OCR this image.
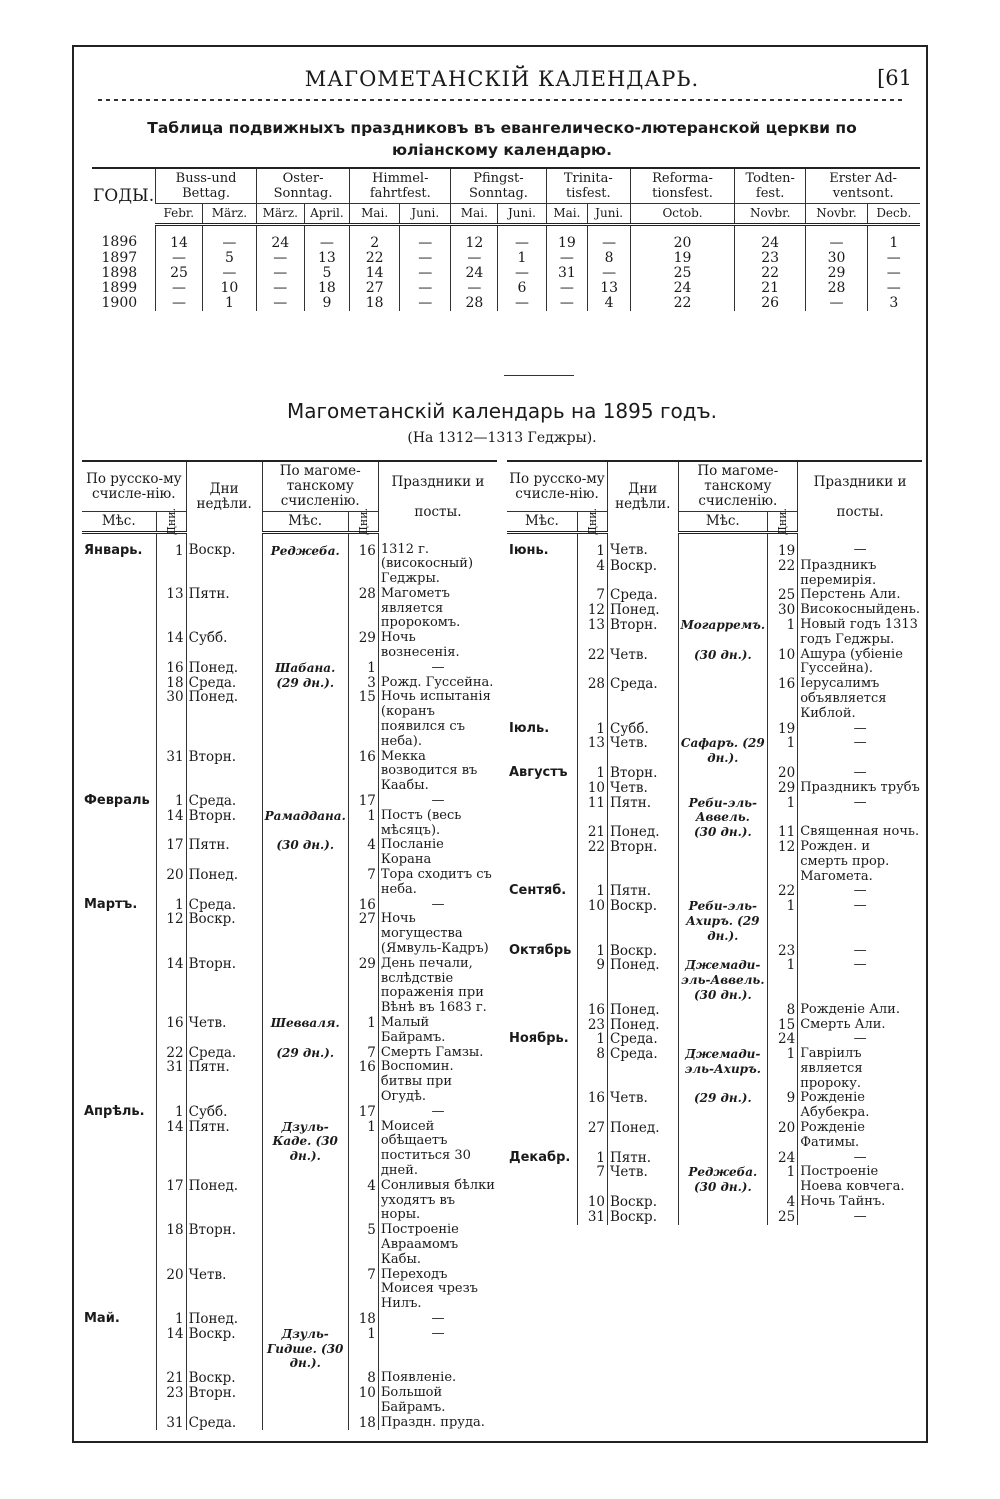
МАГОМЕТАНСКІЙ КАЛЕНДАРЬ.	[61
Таблица подвижныхъ праздниковъ въ евангелическо-лютеранской церкви по юліанскому календарю.
ГОДЫ.	Buss-und Bettag.		Oster-Sonntag.		Himmel-fahrtfest.		Pfingst-Sonntag.		Trinita-tisfest.		Reforma-tionsfest.	Todten-fest.	Erster Ad-ventsont.	
	Febr.	März.	März.	April.	Mai.	Juni.	Mai.	Juni.	Mai.	Juni.	Octob.	Novbr.	Novbr.	Decb.
1896	14	—	24	—	2	—	12	—	19	—	20	24	—	1
1897	—	5	—	13	22	—	—	1	—	8	19	23	30	—
1898	25	—	—	5	14	—	24	—	31	—	25	22	29	—
1899	—	10	—	18	27	—	—	6	—	13	24	21	28	—
1900	—	1	—	9	18	—	28	—	—	4	22	26	—	3
Магометанскій календарь на 1895 годъ.
(На 1312—1313 Геджры).
По русско-му счисле-нію.		Дни
недѣли.	По магоме-танскому счисленію.		Праздники и

посты.
Мѣс.	Дни.		Мѣс.	Дни.	
Январь.	1	Воскр.	Реджеба.	16	1312 г. (високосный) Геджры.
	13	Пятн.		28	Магометъ является пророкомъ.
	14	Субб.		29	Ночь вознесенія.
	16	Понед.	Шабана.	1	—
	18	Среда.	(29 дн.).	3	Рожд. Гуссейна.
	30	Понед.		15	Ночь испытанія (коранъ появился съ неба).
	31	Вторн.		16	Мекка возводится въ Каабы.
Февраль	1	Среда.		17	—
	14	Вторн.	Рамаддана.	1	Постъ (весь мѣсяцъ).
	17	Пятн.	(30 дн.).	4	Посланіе Корана
	20	Понед.		7	Тора сходитъ съ неба.
Мартъ.	1	Среда.		16	—
	12	Воскр.		27	Ночь могущества (Ямвуль-Кадръ)
	14	Вторн.		29	День печали, вслѣдствіе пораженія при Вѣнѣ въ 1683 г.
	16	Четв.	Шевваля.	1	Малый Байрамъ.
	22	Среда.	(29 дн.).	7	Смерть Гамзы.
	31	Пятн.		16	Воспомин. битвы при Огудѣ.
Апрѣль.	1	Субб.		17	—
	14	Пятн.	Дзуль-Каде. (30 дн.).	1	Моисей обѣщаетъ поститься 30 дней.
	17	Понед.		4	Сонливыя бѣлки уходятъ въ норы.
	18	Вторн.		5	Построеніе Авраамомъ Кабы.
	20	Четв.		7	Переходъ Моисея чрезъ Нилъ.
Май.	1	Понед.		18	—
	14	Воскр.	Дзуль-Гидше. (30 дн.).	1	—
	21	Воскр.		8	Появленіе.
	23	Вторн.		10	Большой Байрамъ.
	31	Среда.		18	Праздн. пруда.
По русско-му счисле-нію.		Дни
недѣли.	По магоме-танскому счисленію.		Праздники и

посты.
Мѣс.	Дни.		Мѣс.	Дни.	
Іюнь.	1	Четв.		19	—
	4	Воскр.		22	Праздникъ перемирія.
	7	Среда.		25	Перстень Али.
	12	Понед.		30	Високосныйдень.
	13	Вторн.	Могарремъ.	1	Новый годъ 1313 годъ Геджры.
	22	Четв.	(30 дн.).	10	Ашура (убіеніе Гуссейна).
	28	Среда.		16	Іерусалимъ объявляется Киблой.
Іюль.	1	Субб.		19	—
	13	Четв.	Сафаръ. (29 дн.).	1	—
Августъ	1	Вторн.		20	—
	10	Четв.		29	Праздникъ трубъ
	11	Пятн.	Реби-эль-Аввель.	1	—
	21	Понед.	(30 дн.).	11	Священная ночь.
	22	Вторн.		12	Рожден. и смерть прор. Магомета.
Сентяб.	1	Пятн.		22	—
	10	Воскр.	Реби-эль-Ахиръ. (29 дн.).	1	—
Октябрь	1	Воскр.		23	—
	9	Понед.	Джемади-эль-Аввель. (30 дн.).	1	—
	16	Понед.		8	Рожденіе Али.
	23	Понед.		15	Смерть Али.
Ноябрь.	1	Среда.		24	—
	8	Среда.	Джемади-эль-Ахиръ.	1	Гавріилъ является пророку.
	16	Четв.	(29 дн.).	9	Рожденіе Абубекра.
	27	Понед.		20	Рожденіе Фатимы.
Декабр.	1	Пятн.		24	—
	7	Четв.	Реджеба. (30 дн.).	1	Построеніе Ноева ковчега.
	10	Воскр.		4	Ночь Тайнъ.
	31	Воскр.		25	—
